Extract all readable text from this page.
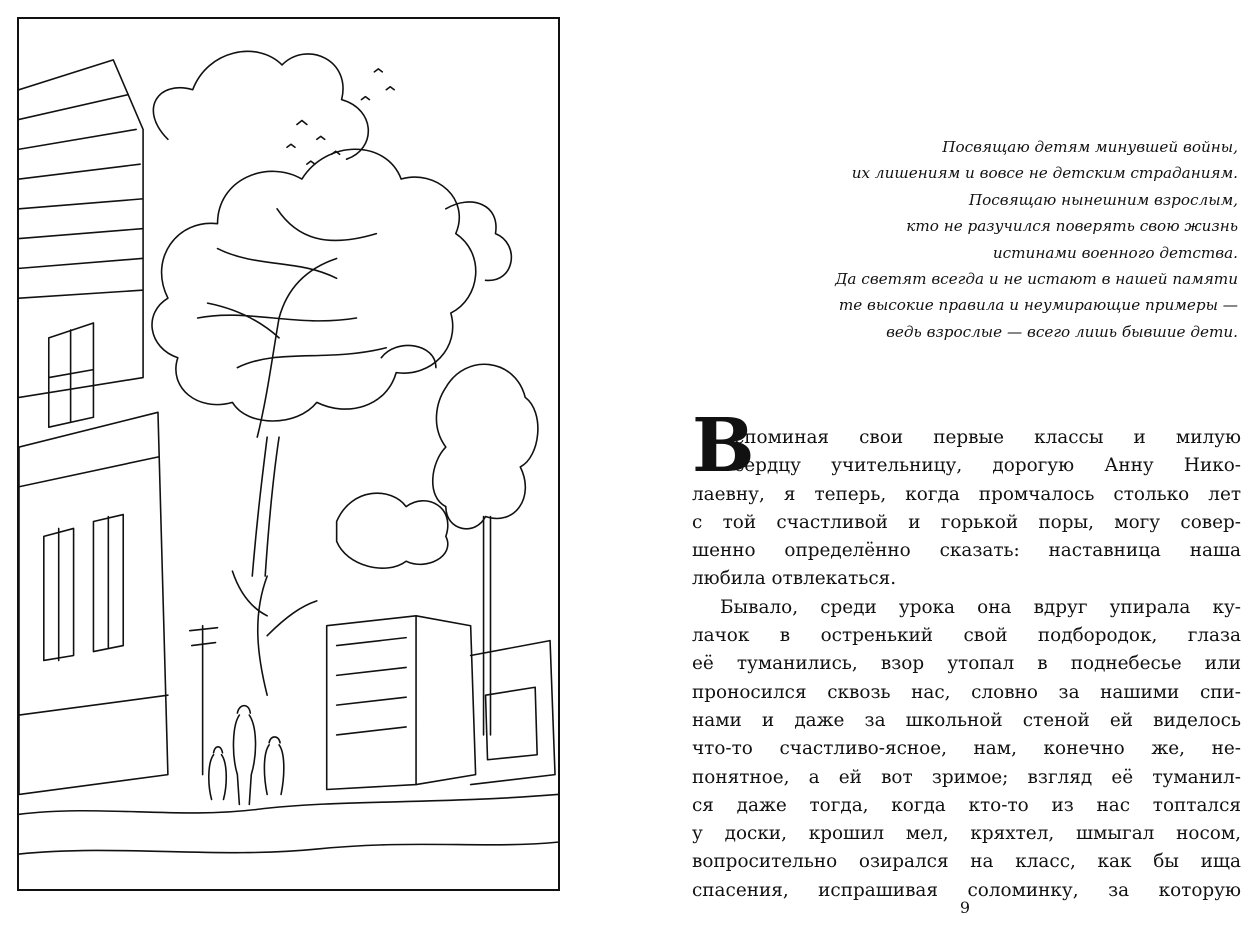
Посвящаю детям минувшей войны,
их лишениям и вовсе не детским страданиям.
Посвящаю нынешним взрослым,
кто не разучился поверять свою жизнь
истинами военного детства.
Да светят всегда и не истают в нашей памяти
те высокие правила и неумирающие примеры —
ведь взрослые — всего лишь бывшие дети.
В
споминая свои первые классы и милую
сердцу учительницу, дорогую Анну Нико-
лаевну, я теперь, когда промчалось столько лет
с той счастливой и горькой поры, могу совер-
шенно определённо сказать: наставница наша
любила отвлекаться.
Бывало, среди урока она вдруг упирала ку-
лачок в остренький свой подбородок, глаза
её туманились, взор утопал в поднебесье или
проносился сквозь нас, словно за нашими спи-
нами и даже за школьной стеной ей виделось
что-то счастливо-ясное, нам, конечно же, не-
понятное, а ей вот зримое; взгляд её туманил-
ся даже тогда, когда кто-то из нас топтался
у доски, крошил мел, кряхтел, шмыгал носом,
вопросительно озирался на класс, как бы ища
спасения, испрашивая соломинку, за которую
9
